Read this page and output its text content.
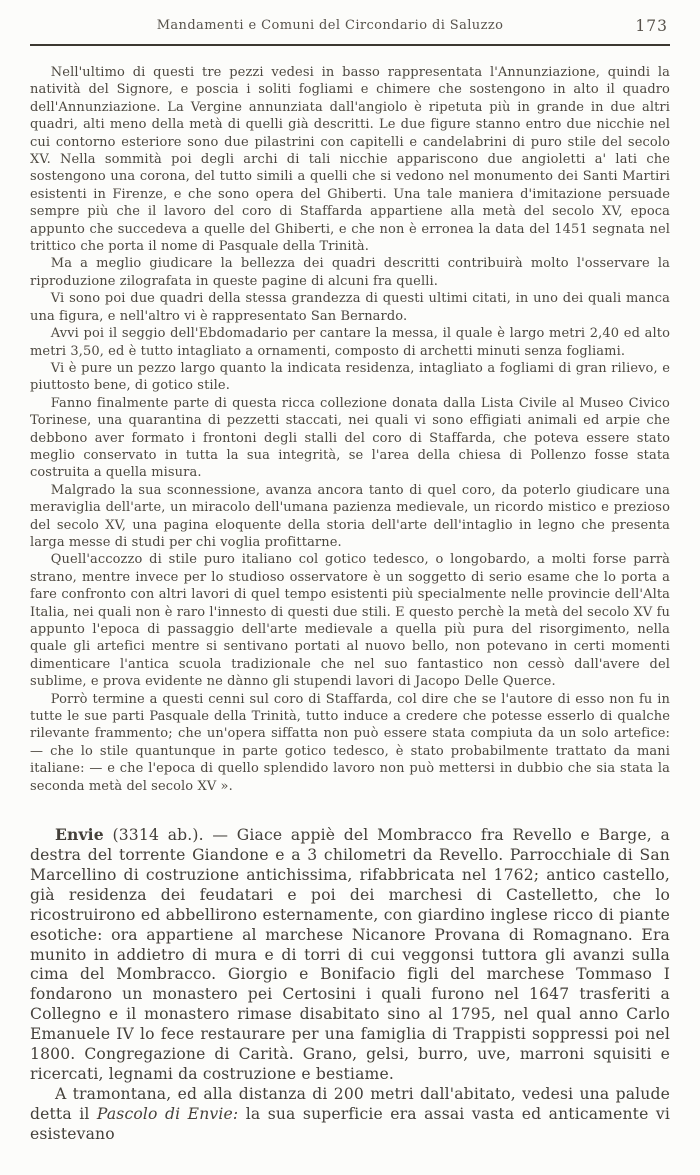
Mandamenti e Comuni del Circondario di Saluzzo	173

Nell'ultimo di questi tre pezzi vedesi in basso rappresentata l'Annunziazione, quindi la natività del Signore, e poscia i soliti fogliami e chimere che sostengono in alto il quadro dell'Annunziazione. La Vergine annunziata dall'angiolo è ripetuta più in grande in due altri quadri, alti meno della metà di quelli già descritti. Le due figure stanno entro due nicchie nel cui contorno esteriore sono due pilastrini con capitelli e candelabrini di puro stile del secolo XV. Nella sommità poi degli archi di tali nicchie appariscono due angioletti a' lati che sostengono una corona, del tutto simili a quelli che si vedono nel monumento dei Santi Martiri esistenti in Firenze, e che sono opera del Ghiberti. Una tale maniera d'imitazione persuade sempre più che il lavoro del coro di Staffarda appartiene alla metà del secolo XV, epoca appunto che succedeva a quelle del Ghiberti, e che non è erronea la data del 1451 segnata nel trittico che porta il nome di Pasquale della Trinità.

Ma a meglio giudicare la bellezza dei quadri descritti contribuirà molto l'osservare la riproduzione zilografata in queste pagine di alcuni fra quelli.

Vi sono poi due quadri della stessa grandezza di questi ultimi citati, in uno dei quali manca una figura, e nell'altro vi è rappresentato San Bernardo.

Avvi poi il seggio dell'Ebdomadario per cantare la messa, il quale è largo metri 2,40 ed alto metri 3,50, ed è tutto intagliato a ornamenti, composto di archetti minuti senza fogliami.

Vi è pure un pezzo largo quanto la indicata residenza, intagliato a fogliami di gran rilievo, e piuttosto bene, di gotico stile.

Fanno finalmente parte di questa ricca collezione donata dalla Lista Civile al Museo Civico Torinese, una quarantina di pezzetti staccati, nei quali vi sono effigiati animali ed arpie che debbono aver formato i frontoni degli stalli del coro di Staffarda, che poteva essere stato meglio conservato in tutta la sua integrità, se l'area della chiesa di Pollenzo fosse stata costruita a quella misura.

Malgrado la sua sconnessione, avanza ancora tanto di quel coro, da poterlo giudicare una meraviglia dell'arte, un miracolo dell'umana pazienza medievale, un ricordo mistico e prezioso del secolo XV, una pagina eloquente della storia dell'arte dell'intaglio in legno che presenta larga messe di studi per chi voglia profittarne.

Quell'accozzo di stile puro italiano col gotico tedesco, o longobardo, a molti forse parrà strano, mentre invece per lo studioso osservatore è un soggetto di serio esame che lo porta a fare confronto con altri lavori di quel tempo esistenti più specialmente nelle provincie dell'Alta Italia, nei quali non è raro l'innesto di questi due stili. E questo perchè la metà del secolo XV fu appunto l'epoca di passaggio dell'arte medievale a quella più pura del risorgimento, nella quale gli artefici mentre si sentivano portati al nuovo bello, non potevano in certi momenti dimenticare l'antica scuola tradizionale che nel suo fantastico non cessò dall'avere del sublime, e prova evidente ne dànno gli stupendi lavori di Jacopo Delle Querce.

Porrò termine a questi cenni sul coro di Staffarda, col dire che se l'autore di esso non fu in tutte le sue parti Pasquale della Trinità, tutto induce a credere che potesse esserlo di qualche rilevante frammento; che un'opera siffatta non può essere stata compiuta da un solo artefice: — che lo stile quantunque in parte gotico tedesco, è stato probabilmente trattato da mani italiane: — e che l'epoca di quello splendido lavoro non può mettersi in dubbio che sia stata la seconda metà del secolo XV ».

Envie (3314 ab.). — Giace appiè del Mombracco fra Revello e Barge, a destra del torrente Giandone e a 3 chilometri da Revello. Parrocchiale di San Marcellino di costruzione antichissima, rifabbricata nel 1762; antico castello, già residenza dei feudatari e poi dei marchesi di Castelletto, che lo ricostruirono ed abbellirono esternamente, con giardino inglese ricco di piante esotiche: ora appartiene al marchese Nicanore Provana di Romagnano. Era munito in addietro di mura e di torri di cui veggonsi tuttora gli avanzi sulla cima del Mombracco. Giorgio e Bonifacio figli del marchese Tommaso I fondarono un monastero pei Certosini i quali furono nel 1647 trasferiti a Collegno e il monastero rimase disabitato sino al 1795, nel qual anno Carlo Emanuele IV lo fece restaurare per una famiglia di Trappisti soppressi poi nel 1800. Congregazione di Carità. Grano, gelsi, burro, uve, marroni squisiti e ricercati, legnami da costruzione e bestiame.

A tramontana, ed alla distanza di 200 metri dall'abitato, vedesi una palude detta il Pascolo di Envie: la sua superficie era assai vasta ed anticamente vi esistevano
